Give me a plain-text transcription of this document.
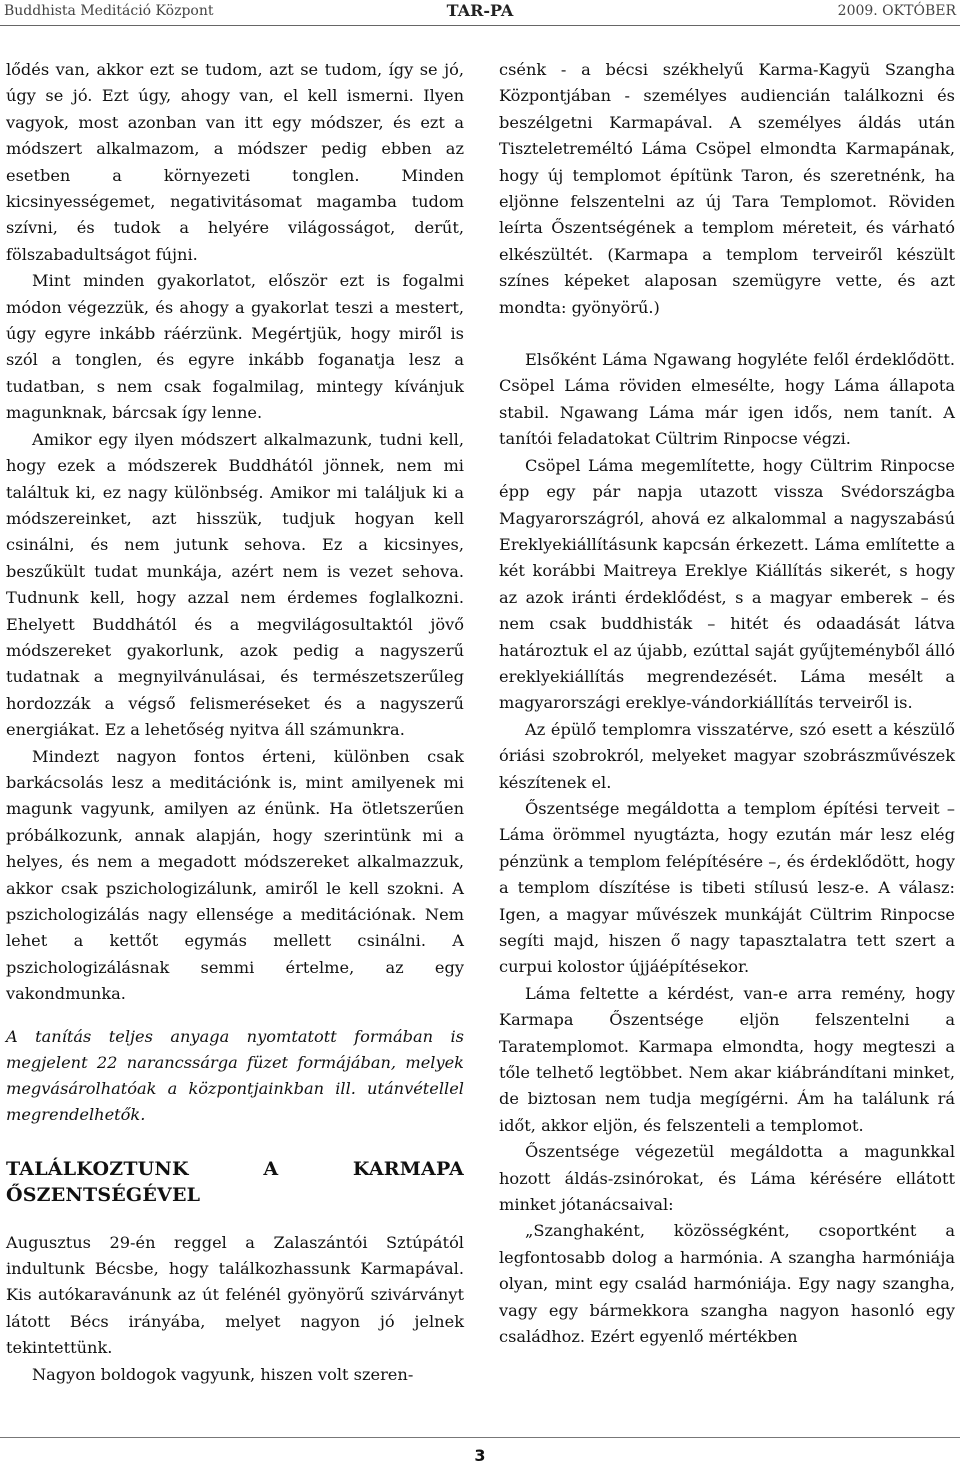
Buddhista Meditáció Központ	TAR-PA	2009. OKTÓBER

lődés van, akkor ezt se tudom, azt se tudom, így se jó, úgy se jó. Ezt úgy, ahogy van, el kell ismerni. Ilyen vagyok, most azonban van itt egy módszer, és ezt a módszert alkalmazom, a módszer pedig ebben az esetben a környezeti tonglen. Minden kicsinyességemet, negativitásomat magamba tudom szívni, és tudok a helyére világosságot, derűt, fölszabadultságot fújni.

Mint minden gyakorlatot, először ezt is fogalmi módon végezzük, és ahogy a gyakorlat teszi a mestert, úgy egyre inkább ráérzünk. Megértjük, hogy miről is szól a tonglen, és egyre inkább foganatja lesz a tudatban, s nem csak fogalmilag, mintegy kívánjuk magunknak, bárcsak így lenne.

Amikor egy ilyen módszert alkalmazunk, tudni kell, hogy ezek a módszerek Buddhától jönnek, nem mi találtuk ki, ez nagy különbség. Amikor mi találjuk ki a módszereinket, azt hisszük, tudjuk hogyan kell csinálni, és nem jutunk sehova. Ez a kicsinyes, beszűkült tudat munkája, azért nem is vezet sehova. Tudnunk kell, hogy azzal nem érdemes foglalkozni. Ehelyett Buddhától és a megvilágosultaktól jövő módszereket gyakorlunk, azok pedig a nagyszerű tudatnak a megnyilvánulásai, és természetszerűleg hordozzák a végső felismeréseket és a nagyszerű energiákat. Ez a lehetőség nyitva áll számunkra.

Mindezt nagyon fontos érteni, különben csak barkácsolás lesz a meditációnk is, mint amilyenek mi magunk vagyunk, amilyen az énünk. Ha ötletszerűen próbálkozunk, annak alapján, hogy szerintünk mi a helyes, és nem a megadott módszereket alkalmazzuk, akkor csak pszichologizálunk, amiről le kell szokni. A pszichologizálás nagy ellensége a meditációnak. Nem lehet a kettőt egymás mellett csinálni. A pszichologizálásnak semmi értelme, az egy vakondmunka.

A tanítás teljes anyaga nyomtatott formában is megjelent 22 narancssárga füzet formájában, melyek megvásárolhatóak a központjainkban ill. utánvétellel megrendelhetők.

TALÁLKOZTUNK A KARMAPA ŐSZENTSÉGÉVEL

Augusztus 29-én reggel a Zalaszántói Sztúpától indultunk Bécsbe, hogy találkozhassunk Karmapával. Kis autókaravánunk az út felénél gyönyörű szivárványt látott Bécs irányába, melyet nagyon jó jelnek tekintettünk.

Nagyon boldogok vagyunk, hiszen volt szeren-

csénk - a bécsi székhelyű Karma-Kagyü Szangha Központjában - személyes audiencián találkozni és beszélgetni Karmapával. A személyes áldás után Tiszteletreméltó Láma Csöpel elmondta Karmapának, hogy új templomot építünk Taron, és szeretnénk, ha eljönne felszentelni az új Tara Templomot. Röviden leírta Őszentségének a templom méreteit, és várható elkészültét. (Karmapa a templom terveiről készült színes képeket alaposan szemügyre vette, és azt mondta: gyönyörű.)

Elsőként Láma Ngawang hogyléte felől érdeklődött. Csöpel Láma röviden elmesélte, hogy Láma állapota stabil. Ngawang Láma már igen idős, nem tanít. A tanítói feladatokat Cültrim Rinpocse végzi.

Csöpel Láma megemlítette, hogy Cültrim Rinpocse épp egy pár napja utazott vissza Svédországba Magyarországról, ahová ez alkalommal a nagyszabású Ereklyekiállításunk kapcsán érkezett. Láma említette a két korábbi Maitreya Ereklye Kiállítás sikerét, s hogy az azok iránti érdeklődést, s a magyar emberek – és nem csak buddhisták – hitét és odaadását látva határoztuk el az újabb, ezúttal saját gyűjteményből álló ereklyekiállítás megrendezését. Láma mesélt a magyarországi ereklye-vándorkiállítás terveiről is.

Az épülő templomra visszatérve, szó esett a készülő óriási szobrokról, melyeket magyar szobrászművészek készítenek el.

Őszentsége megáldotta a templom építési terveit – Láma örömmel nyugtázta, hogy ezután már lesz elég pénzünk a templom felépítésére –, és érdeklődött, hogy a templom díszítése is tibeti stílusú lesz-e. A válasz: Igen, a magyar művészek munkáját Cültrim Rinpocse segíti majd, hiszen ő nagy tapasztalatra tett szert a curpui kolostor újjáépítésekor.

Láma feltette a kérdést, van-e arra remény, hogy Karmapa Őszentsége eljön felszentelni a Taratemplomot. Karmapa elmondta, hogy megteszi a tőle telhető legtöbbet. Nem akar kiábrándítani minket, de biztosan nem tudja megígérni. Ám ha találunk rá időt, akkor eljön, és felszenteli a templomot.

Őszentsége végezetül megáldotta a magunkkal hozott áldás-zsinórokat, és Láma kérésére ellátott minket jótanácsaival:

„Szanghaként, közösségként, csoportként a legfontosabb dolog a harmónia. A szangha harmóniája olyan, mint egy család harmóniája. Egy nagy szangha, vagy egy bármekkora szangha nagyon hasonló egy családhoz. Ezért egyenlő mértékben

3
